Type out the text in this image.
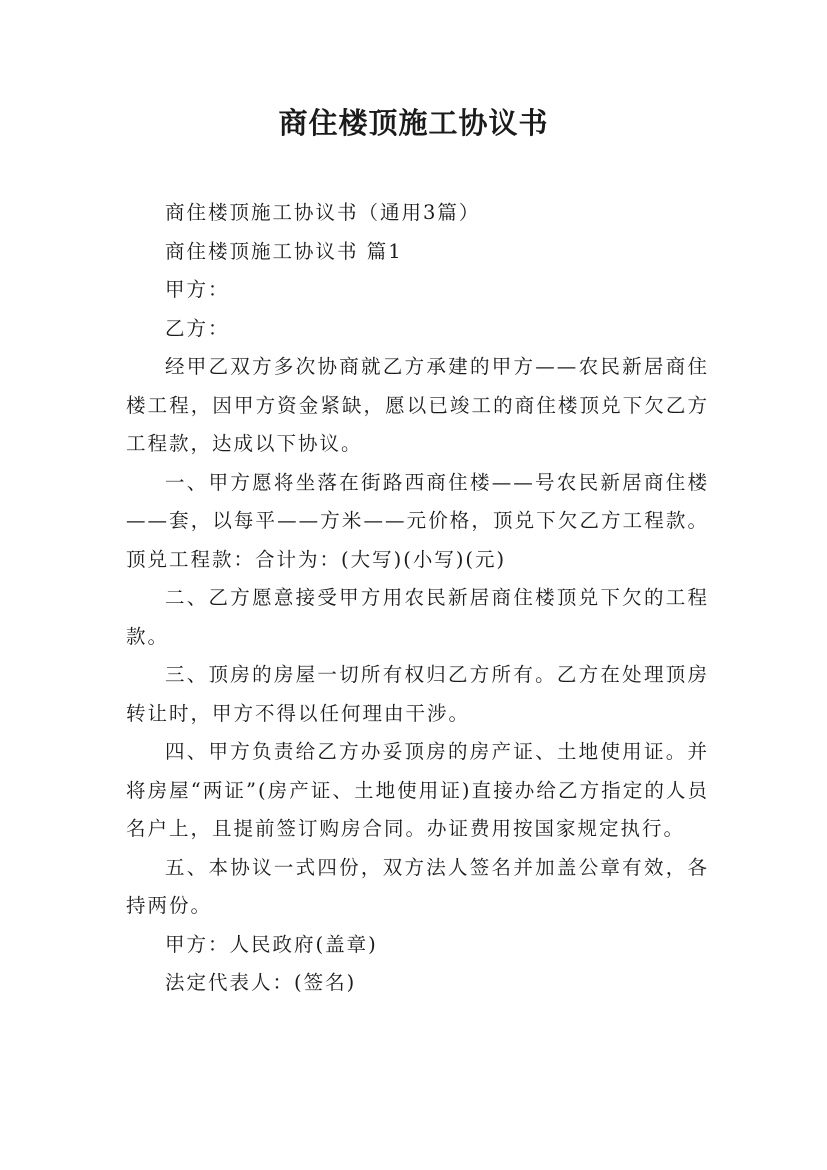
商住楼顶施工协议书

商住楼顶施工协议书（通用3篇）

商住楼顶施工协议书 篇1

甲方：

乙方：

经甲乙双方多次协商就乙方承建的甲方——农民新居商住楼工程，因甲方资金紧缺，愿以已竣工的商住楼顶兑下欠乙方工程款，达成以下协议。

一、甲方愿将坐落在街路西商住楼——号农民新居商住楼——套，以每平——方米——元价格，顶兑下欠乙方工程款。顶兑工程款：合计为：(大写)(小写)(元)

二、乙方愿意接受甲方用农民新居商住楼顶兑下欠的工程款。

三、顶房的房屋一切所有权归乙方所有。乙方在处理顶房转让时，甲方不得以任何理由干涉。

四、甲方负责给乙方办妥顶房的房产证、土地使用证。并将房屋“两证”(房产证、土地使用证)直接办给乙方指定的人员名户上，且提前签订购房合同。办证费用按国家规定执行。

五、本协议一式四份，双方法人签名并加盖公章有效，各持两份。

甲方：人民政府(盖章)

法定代表人：(签名)
